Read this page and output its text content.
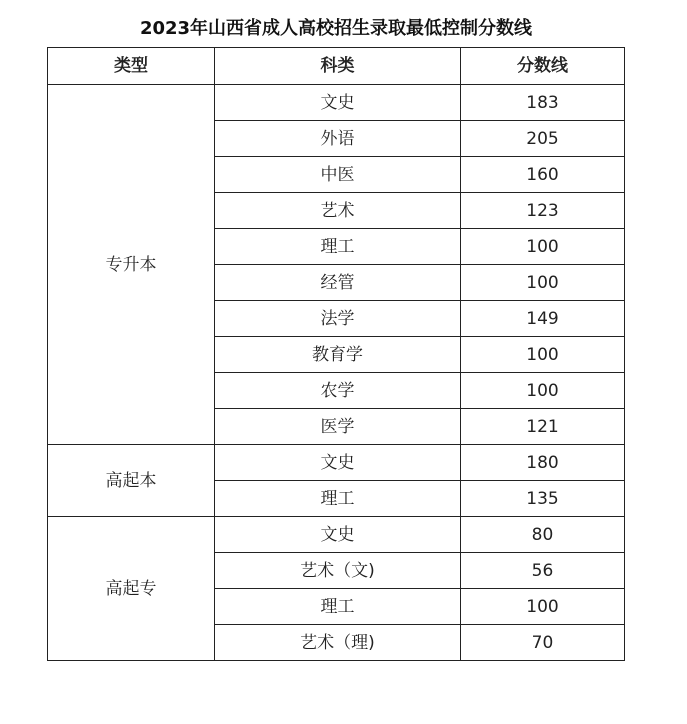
2023年山西省成人高校招生录取最低控制分数线
类型	科类	分数线
专升本	文史	183
	外语	205
	中医	160
	艺术	123
	理工	100
	经管	100
	法学	149
	教育学	100
	农学	100
	医学	121
高起本	文史	180
	理工	135
高起专	文史	80
	艺术（文)	56
	理工	100
	艺术（理)	70
